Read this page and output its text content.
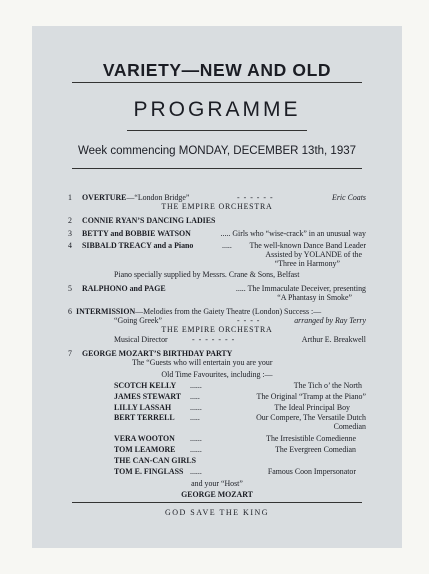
VARIETY—NEW AND OLD
PROGRAMME
Week commencing MONDAY, DECEMBER 13th, 1937
1 OVERTURE—“London Bridge”	- - - - - -	Eric Coats
THE EMPIRE ORCHESTRA
2 CONNIE RYAN’S DANCING LADIES
3 BETTY and BOBBIE WATSON	..... Girls who “wise-crack” in an unusual way
4 SIBBALD TREACY and a Piano	..... The well-known Dance Band Leader
Assisted by YOLANDE of the
“Three in Harmony”
Piano specially supplied by Messrs. Crane & Sons, Belfast
5 RALPHONO and PAGE	..... The Immaculate Deceiver, presenting
“A Phantasy in Smoke”
6 INTERMISSION—Melodies from the Gaiety Theatre (London) Success :—
“Going Greek”	- - - -	arranged by Ray Terry
THE EMPIRE ORCHESTRA
Musical Director	- - - - - - -	Arthur E. Breakwell
7 GEORGE MOZART’S BIRTHDAY PARTY
The “Guests who will entertain you are your
Old Time Favourites, including :—
SCOTCH KELLY ......	The Tich o’ the North
JAMES STEWART .....	The Original “Tramp at the Piano”
LILLY LASSAH ......	The Ideal Principal Boy
BERT TERRELL .....	Our Compere, The Versatile Dutch
Comedian
VERA WOOTON ......	The Irresistible Comedienne
TOM LEAMORE ......	The Evergreen Comedian
THE CAN-CAN GIRLS
TOM E. FINGLASS ......	Famous Coon Impersonator
and your “Host”
GEORGE MOZART
GOD SAVE THE KING
